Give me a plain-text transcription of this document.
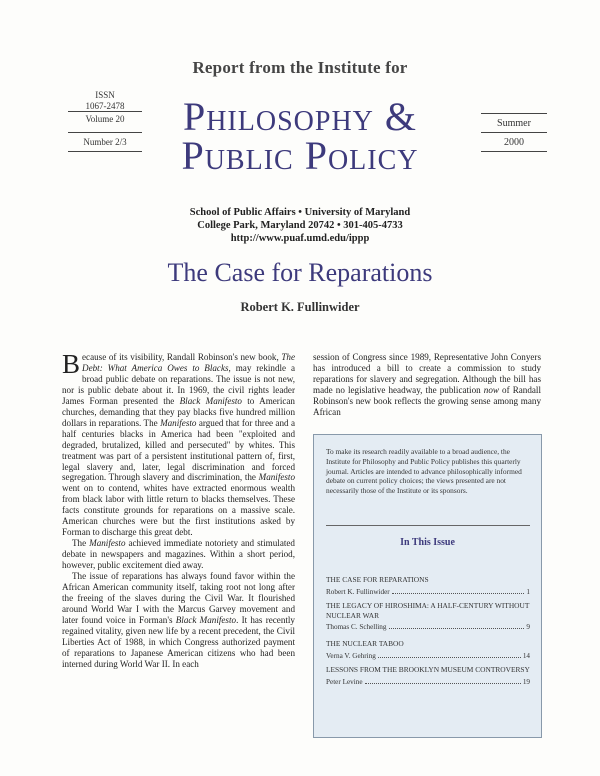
Report from the Institute for
ISSN
1067-2478
Volume 20
Number 2/3
Summer
2000
Philosophy &
Public Policy
School of Public Affairs • University of Maryland
College Park, Maryland 20742 • 301-405-4733
http://www.puaf.umd.edu/ippp
The Case for Reparations
Robert K. Fullinwider

Because of its visibility, Randall Robinson's new book, The Debt: What America Owes to Blacks, may rekindle a broad public debate on reparations. The issue is not new, nor is public debate about it. In 1969, the civil rights leader James Forman presented the Black Manifesto to American churches, demanding that they pay blacks five hundred million dollars in reparations. The Manifesto argued that for three and a half centuries blacks in America had been "exploited and degraded, brutalized, killed and persecuted" by whites. This treatment was part of a persistent institutional pattern of, first, legal slavery and, later, legal discrimination and forced segregation. Through slavery and discrimination, the Manifesto went on to contend, whites have extracted enormous wealth from black labor with little return to blacks themselves. These facts constitute grounds for reparations on a massive scale. American churches were but the first institutions asked by Forman to discharge this great debt.

The Manifesto achieved immediate notoriety and stimulated debate in newspapers and magazines. Within a short period, however, public excitement died away.

The issue of reparations has always found favor within the African American community itself, taking root not long after the freeing of the slaves during the Civil War. It flourished around World War I with the Marcus Garvey movement and later found voice in Forman's Black Manifesto. It has recently regained vitality, given new life by a recent precedent, the Civil Liberties Act of 1988, in which Congress authorized payment of reparations to Japanese American citizens who had been interned during World War II. In each

session of Congress since 1989, Representative John Conyers has introduced a bill to create a commission to study reparations for slavery and segregation. Although the bill has made no legislative headway, the publication now of Randall Robinson's new book reflects the growing sense among many African

To make its research readily available to a broad audience, the Institute for Philosophy and Public Policy publishes this quarterly journal. Articles are intended to advance philosophically informed debate on current policy choices; the views presented are not necessarily those of the Institute or its sponsors.
In This Issue
THE CASE FOR REPARATIONS
Robert K. Fullinwider	1
THE LEGACY OF HIROSHIMA: A HALF-CENTURY WITHOUT NUCLEAR WAR
Thomas C. Schelling	9
THE NUCLEAR TABOO
Verna V. Gehring	14
LESSONS FROM THE BROOKLYN MUSEUM CONTROVERSY
Peter Levine	19
